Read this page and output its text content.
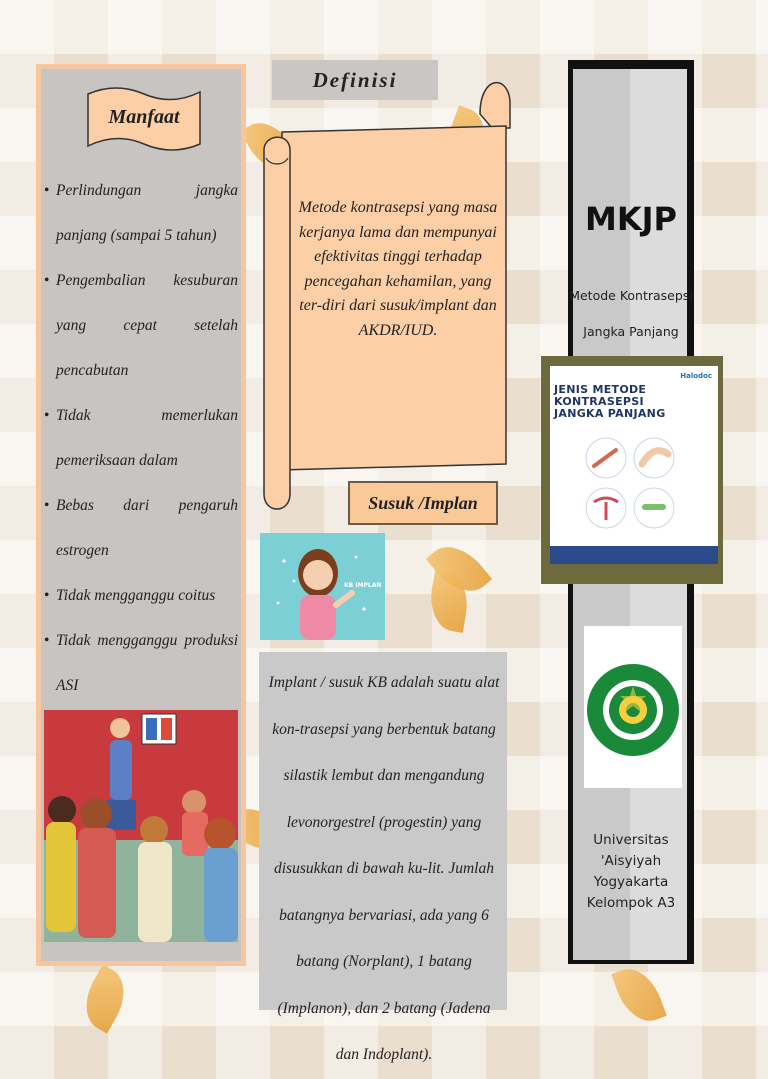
Manfaat
• Perlindungan jangka panjang (sampai 5 tahun)
• Pengembalian kesuburan yang cepat setelah pencabutan
• Tidak memerlukan pemeriksaan dalam
• Bebas dari pengaruh estrogen
• Tidak mengganggu coitus
• Tidak mengganggu produksi ASI
•
Definisi
Metode kontrasepsi yang masa kerjanya lama dan mempunyai efektivitas tinggi terhadap pencegahan kehamilan, yang ter-diri dari susuk/implant dan AKDR/IUD.
Susuk /Implan
KB IMPLAN
Implant / susuk KB adalah suatu alat kon-trasepsi yang berbentuk batang silastik lembut dan mengandung levonorgestrel (progestin) yang disusukkan di bawah ku-lit. Jumlah batangnya bervariasi, ada yang 6 batang (Norplant), 1 batang (Implanon), dan 2 batang (Jadena dan Indoplant).
MKJP
Metode Kontrasepsi
Jangka Panjang
JENIS METODE KONTRASEPSI JANGKA PANJANG
Halodoc
Universitas
'Aisyiyah
Yogyakarta
Kelompok A3
